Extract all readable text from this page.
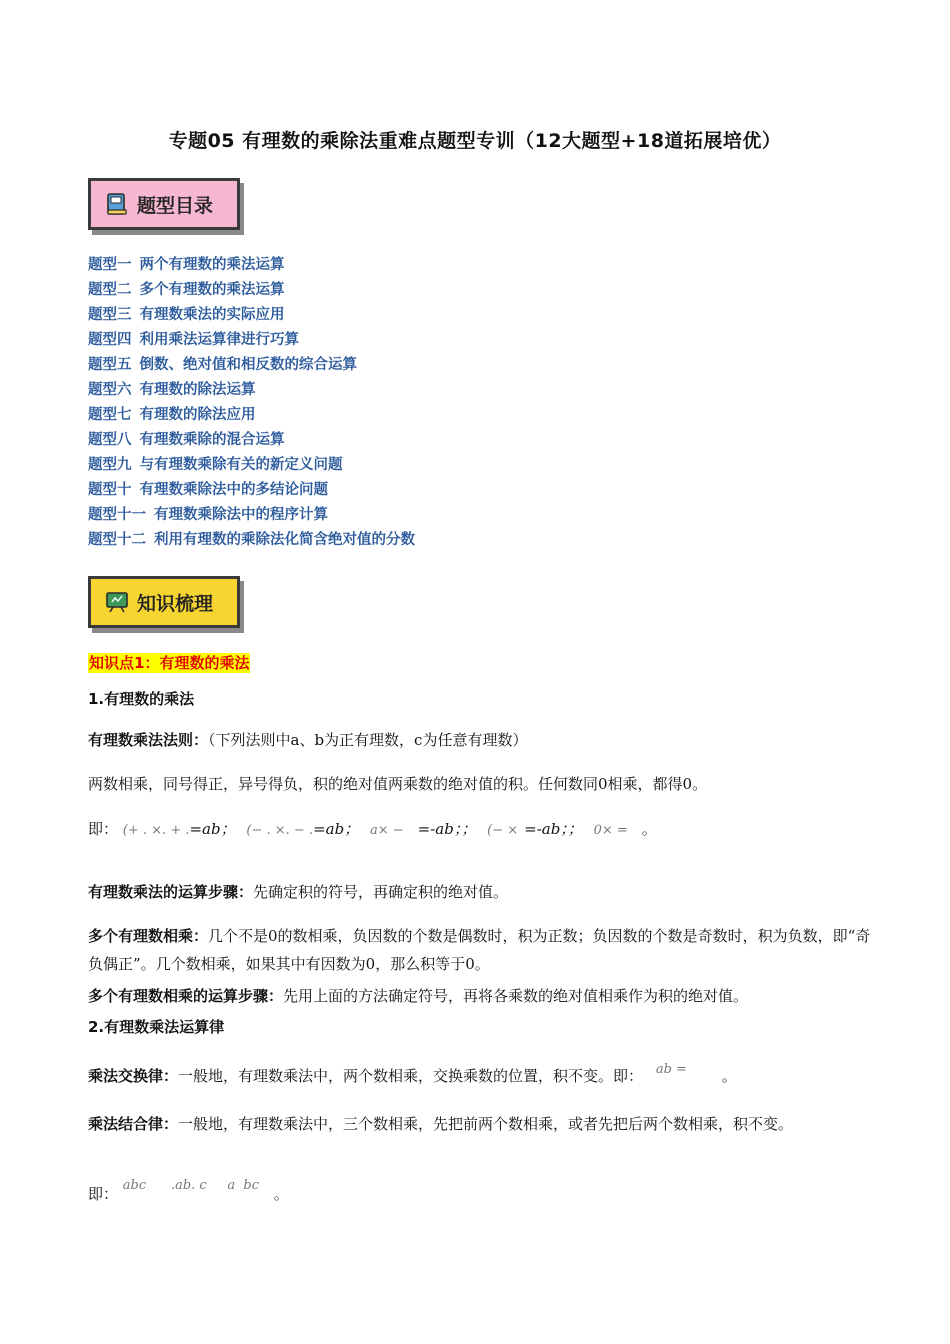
专题05 有理数的乘除法重难点题型专训（12大题型+18道拓展培优）
题型目录
题型一 两个有理数的乘法运算
题型二 多个有理数的乘法运算
题型三 有理数乘法的实际应用
题型四 利用乘法运算律进行巧算
题型五 倒数、绝对值和相反数的综合运算
题型六 有理数的除法运算
题型七 有理数的除法应用
题型八 有理数乘除的混合运算
题型九 与有理数乘除有关的新定义问题
题型十 有理数乘除法中的多结论问题
题型十一 有理数乘除法中的程序计算
题型十二 利用有理数的乘除法化简含绝对值的分数
知识梳理
知识点1：有理数的乘法
1.有理数的乘法
有理数乘法法则：（下列法则中a、b为正有理数，c为任意有理数）
两数相乘，同号得正，异号得负，积的绝对值两乘数的绝对值的积。任何数同0相乘，都得0。
即： (+ . ×. + .=ab； (− . ×. − .=ab； a× − =-ab；； (− × =-ab；； 0× = 。
有理数乘法的运算步骤：先确定积的符号，再确定积的绝对值。
多个有理数相乘：几个不是0的数相乘，负因数的个数是偶数时，积为正数；负因数的个数是奇数时，积为负数，即“奇负偶正”。几个数相乘，如果其中有因数为0，那么积等于0。
多个有理数相乘的运算步骤：先用上面的方法确定符号，再将各乘数的绝对值相乘作为积的绝对值。
2.有理数乘法运算律
乘法交换律：一般地，有理数乘法中，两个数相乘，交换乘数的位置，积不变。即： ab = 。
乘法结合律：一般地，有理数乘法中，三个数相乘，先把前两个数相乘，或者先把后两个数相乘，积不变。
即： abc      .ab. c     a  bc 。
